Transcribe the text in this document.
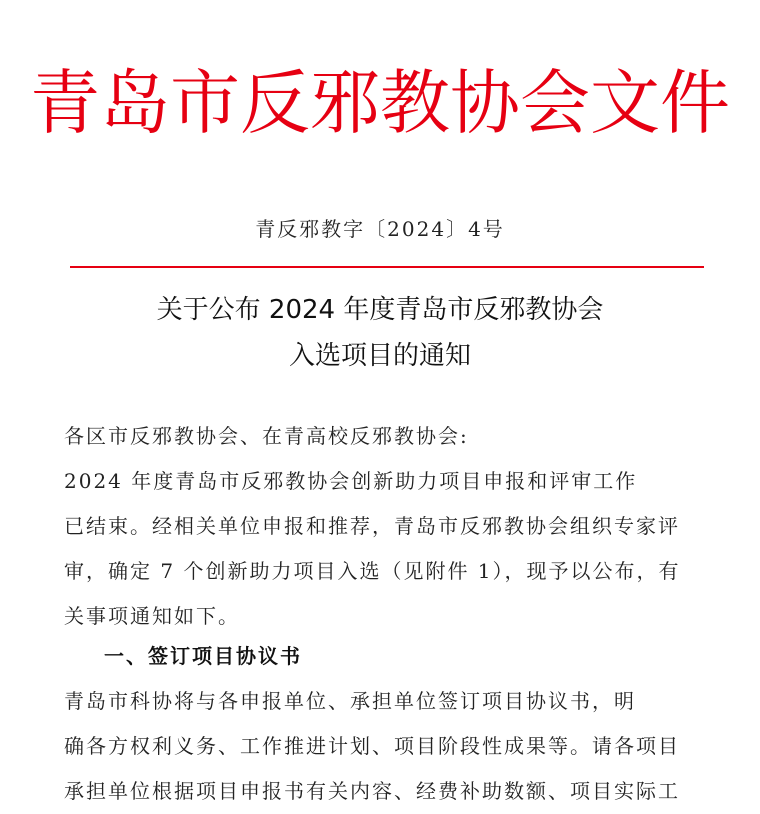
青岛市反邪教协会文件
青反邪教字〔2024〕4号
关于公布 2024 年度青岛市反邪教协会
入选项目的通知
各区市反邪教协会、在青高校反邪教协会:
2024 年度青岛市反邪教协会创新助力项目申报和评审工作
已结束。经相关单位申报和推荐，青岛市反邪教协会组织专家评
审，确定 7 个创新助力项目入选（见附件 1），现予以公布，有
关事项通知如下。
一、签订项目协议书
青岛市科协将与各申报单位、承担单位签订项目协议书，明
确各方权利义务、工作推进计划、项目阶段性成果等。请各项目
承担单位根据项目申报书有关内容、经费补助数额、项目实际工
